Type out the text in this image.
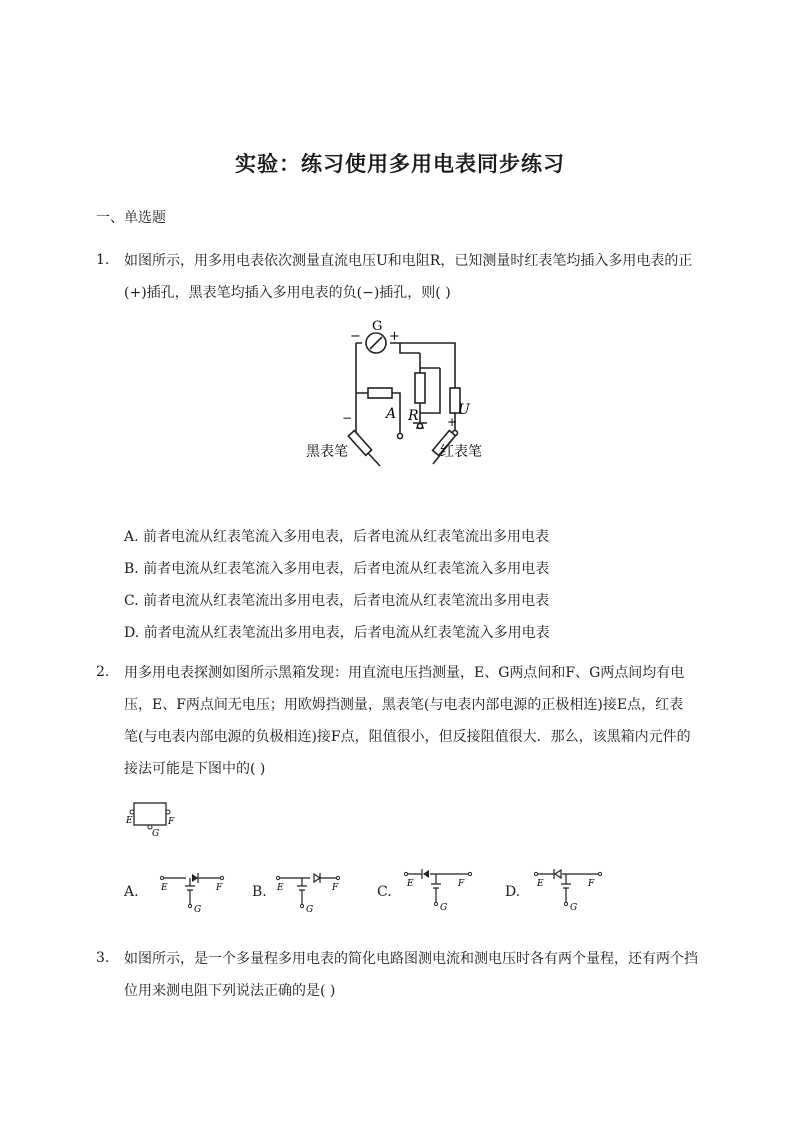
实验：练习使用多用电表同步练习
一、单选题
1. 如图所示，用多用电表依次测量直流电压U和电阻R，已知测量时红表笔均插入多用电表的正
(+)插孔，黑表笔均插入多用电表的负(−)插孔，则( )
G
+
−
− A R	U
+
黑表笔	红表笔
A. 前者电流从红表笔流入多用电表，后者电流从红表笔流出多用电表
B. 前者电流从红表笔流入多用电表，后者电流从红表笔流入多用电表
C. 前者电流从红表笔流出多用电表，后者电流从红表笔流出多用电表
D. 前者电流从红表笔流出多用电表，后者电流从红表笔流入多用电表
2. 用多用电表探测如图所示黑箱发现：用直流电压挡测量，E、G两点间和F、G两点间均有电
压，E、F两点间无电压；用欧姆挡测量，黑表笔(与电表内部电源的正极相连)接E点，红表
笔(与电表内部电源的负极相连)接F点，阻值很小，但反接阻值很大．那么，该黑箱内元件的
接法可能是下图中的( )
E	F
G
A. E	F
G
B. E	F
G
C. E	F
G
D. E	F
G
3. 如图所示，是一个多量程多用电表的简化电路图测电流和测电压时各有两个量程，还有两个挡
位用来测电阻下列说法正确的是( )
